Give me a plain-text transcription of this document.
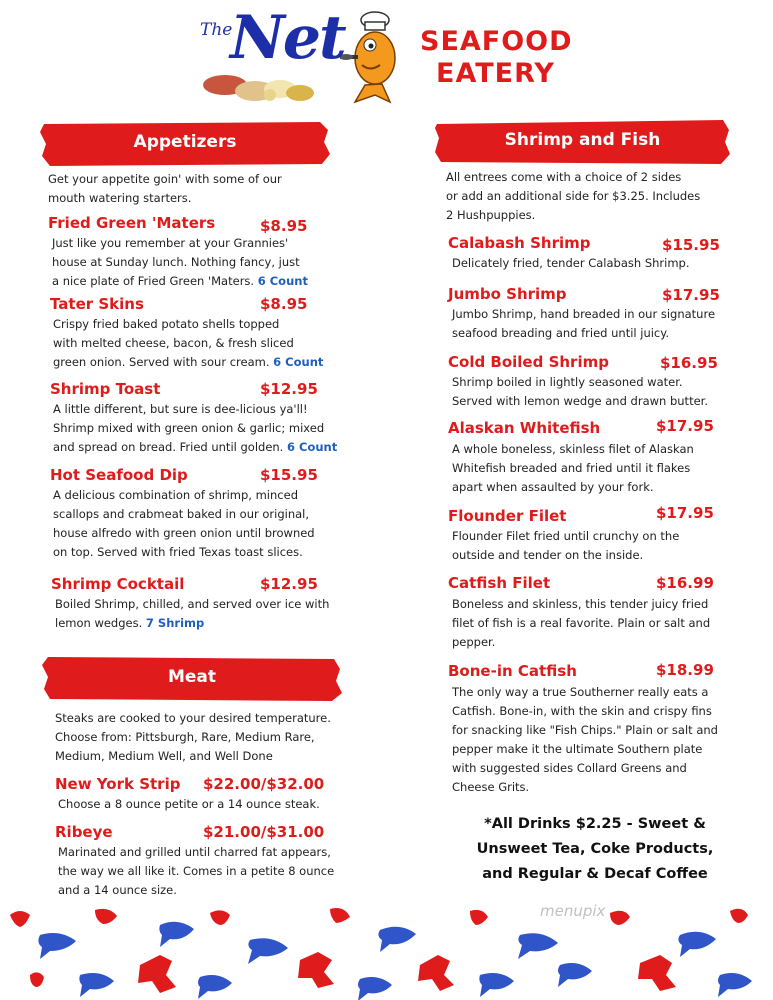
The
Net	SEAFOOD
EATERY
Appetizers
Get your appetite goin' with some of our
mouth watering starters.
Fried Green 'Maters	$8.95
Just like you remember at your Grannies'
house at Sunday lunch. Nothing fancy, just
a nice plate of Fried Green 'Maters. 6 Count
Tater Skins	$8.95
Crispy fried baked potato shells topped
with melted cheese, bacon, & fresh sliced
green onion. Served with sour cream. 6 Count
Shrimp Toast	$12.95
A little different, but sure is dee-licious ya'll!
Shrimp mixed with green onion & garlic; mixed
and spread on bread. Fried until golden. 6 Count
Hot Seafood Dip	$15.95
A delicious combination of shrimp, minced
scallops and crabmeat baked in our original,
house alfredo with green onion until browned
on top. Served with fried Texas toast slices.
Shrimp Cocktail	$12.95
Boiled Shrimp, chilled, and served over ice with
lemon wedges. 7 Shrimp
Meat
Steaks are cooked to your desired temperature.
Choose from: Pittsburgh, Rare, Medium Rare,
Medium, Medium Well, and Well Done
New York Strip $22.00/$32.00
Choose a 8 ounce petite or a 14 ounce steak.
Ribeye	$21.00/$31.00
Marinated and grilled until charred fat appears,
the way we all like it. Comes in a petite 8 ounce
and a 14 ounce size.
Shrimp and Fish
All entrees come with a choice of 2 sides
or add an additional side for $3.25. Includes
2 Hushpuppies.
Calabash Shrimp	$15.95
Delicately fried, tender Calabash Shrimp.
Jumbo Shrimp	$17.95
Jumbo Shrimp, hand breaded in our signature
seafood breading and fried until juicy.
Cold Boiled Shrimp	$16.95
Shrimp boiled in lightly seasoned water.
Served with lemon wedge and drawn butter.
Alaskan Whitefish	$17.95
A whole boneless, skinless filet of Alaskan
Whitefish breaded and fried until it flakes
apart when assaulted by your fork.
Flounder Filet	$17.95
Flounder Filet fried until crunchy on the
outside and tender on the inside.
Catfish Filet	$16.99
Boneless and skinless, this tender juicy fried
filet of fish is a real favorite. Plain or salt and
pepper.
Bone-in Catfish	$18.99
The only way a true Southerner really eats a
Catfish. Bone-in, with the skin and crispy fins
for snacking like "Fish Chips." Plain or salt and
pepper make it the ultimate Southern plate
with suggested sides Collard Greens and
Cheese Grits.
*All Drinks $2.25 - Sweet &
Unsweet Tea, Coke Products,
and Regular & Decaf Coffee
menupix
